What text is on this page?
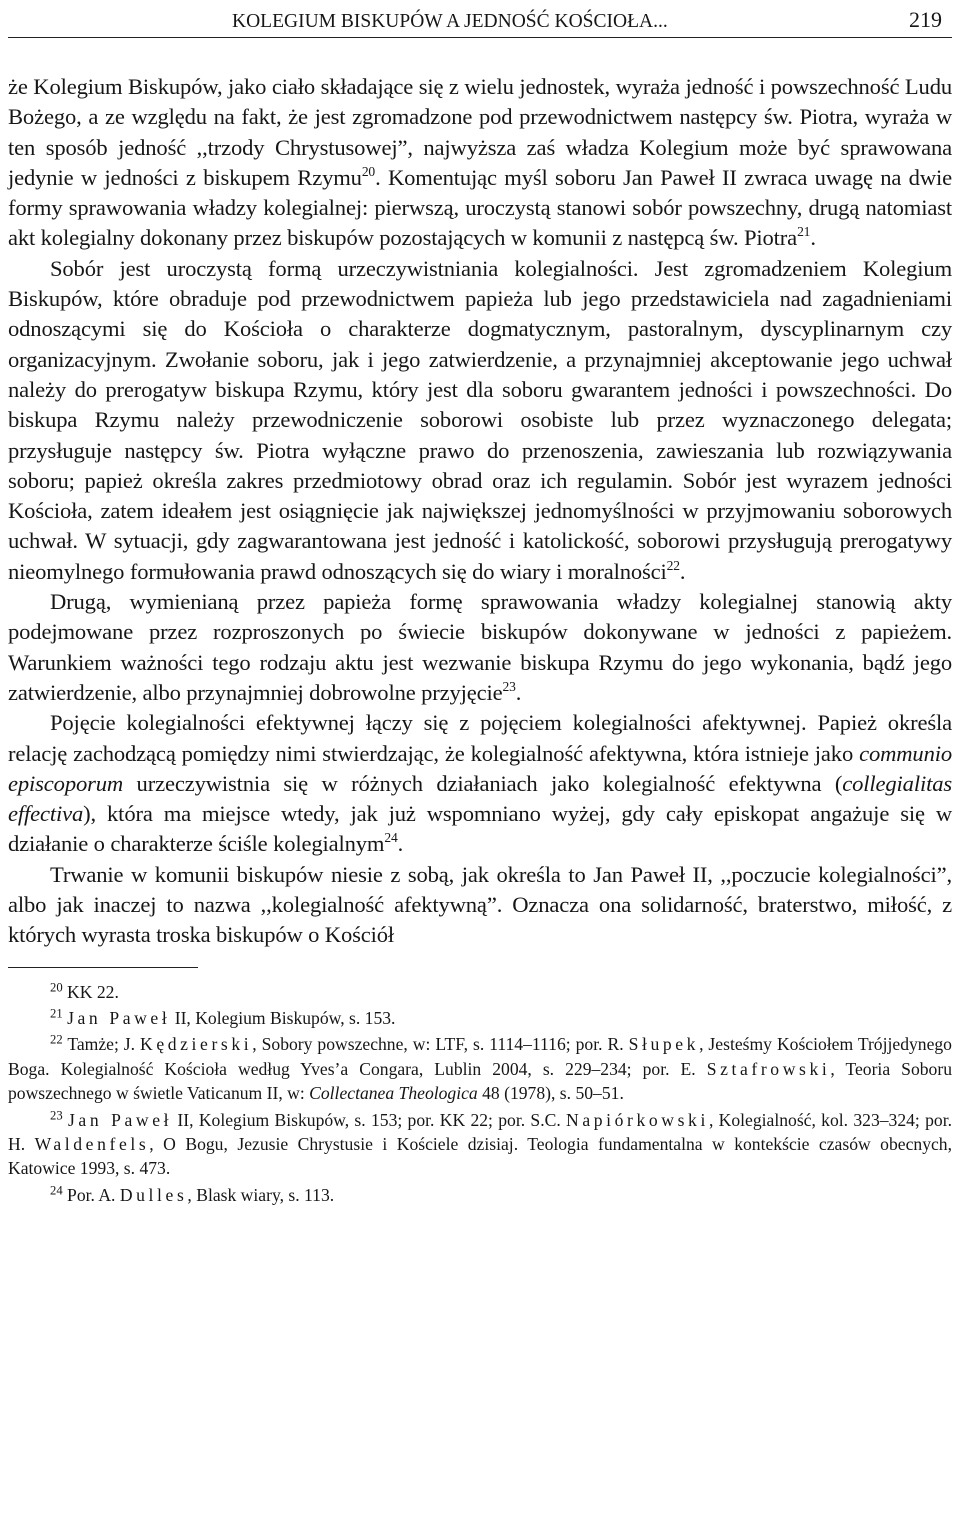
KOLEGIUM BISKUPÓW A JEDNOŚĆ KOŚCIOŁA...	219

że Kolegium Biskupów, jako ciało składające się z wielu jednostek, wyraża jedność i powszechność Ludu Bożego, a ze względu na fakt, że jest zgromadzone pod przewodnictwem następcy św. Piotra, wyraża w ten sposób jedność ,,trzody Chrystusowej”, najwyższa zaś władza Kolegium może być sprawowana jedynie w jedności z biskupem Rzymu$^{20}$. Komentując myśl soboru Jan Paweł II zwraca uwagę na dwie formy sprawowania władzy kolegialnej: pierwszą, uroczystą stanowi sobór powszechny, drugą natomiast akt kolegialny dokonany przez biskupów pozostających w komunii z następcą św. Piotra$^{21}$.

Sobór jest uroczystą formą urzeczywistniania kolegialności. Jest zgromadzeniem Kolegium Biskupów, które obraduje pod przewodnictwem papieża lub jego przedstawiciela nad zagadnieniami odnoszącymi się do Kościoła o charakterze dogmatycznym, pastoralnym, dyscyplinarnym czy organizacyjnym. Zwołanie soboru, jak i jego zatwierdzenie, a przynajmniej akceptowanie jego uchwał należy do prerogatyw biskupa Rzymu, który jest dla soboru gwarantem jedności i powszechności. Do biskupa Rzymu należy przewodniczenie soborowi osobiste lub przez wyznaczonego delegata; przysługuje następcy św. Piotra wyłączne prawo do przenoszenia, zawieszania lub rozwiązywania soboru; papież określa zakres przedmiotowy obrad oraz ich regulamin. Sobór jest wyrazem jedności Kościoła, zatem ideałem jest osiągnięcie jak największej jednomyślności w przyjmowaniu soborowych uchwał. W sytuacji, gdy zagwarantowana jest jedność i katolickość, soborowi przysługują prerogatywy nieomylnego formułowania prawd odnoszących się do wiary i moralności$^{22}$.

Drugą, wymienianą przez papieża formę sprawowania władzy kolegialnej stanowią akty podejmowane przez rozproszonych po świecie biskupów dokonywane w jedności z papieżem. Warunkiem ważności tego rodzaju aktu jest wezwanie biskupa Rzymu do jego wykonania, bądź jego zatwierdzenie, albo przynajmniej dobrowolne przyjęcie$^{23}$.

Pojęcie kolegialności efektywnej łączy się z pojęciem kolegialności afektywnej. Papież określa relację zachodzącą pomiędzy nimi stwierdzając, że kolegialność afektywna, która istnieje jako communio episcoporum urzeczywistnia się w różnych działaniach jako kolegialność efektywna (collegialitas effectiva), która ma miejsce wtedy, jak już wspomniano wyżej, gdy cały episkopat angażuje się w działanie o charakterze ściśle kolegialnym$^{24}$.

Trwanie w komunii biskupów niesie z sobą, jak określa to Jan Paweł II, ,,poczucie kolegialności”, albo jak inaczej to nazwa ,,kolegialność afektywną”. Oznacza ona solidarność, braterstwo, miłość, z których wyrasta troska biskupów o Kościół

$^{20}$ KK 22.

$^{21}$ Jan Paweł II, Kolegium Biskupów, s. 153.

$^{22}$ Tamże; J. Kędzierski, Sobory powszechne, w: LTF, s. 1114–1116; por. R. Słupek, Jesteśmy Kościołem Trójjedynego Boga. Kolegialność Kościoła według Yves’a Congara, Lublin 2004, s. 229–234; por. E. Sztafrowski, Teoria Soboru powszechnego w świetle Vaticanum II, w: Collectanea Theologica 48 (1978), s. 50–51.

$^{23}$ Jan Paweł II, Kolegium Biskupów, s. 153; por. KK 22; por. S.C. Napiórkowski, Kolegialność, kol. 323–324; por. H. Waldenfels, O Bogu, Jezusie Chrystusie i Kościele dzisiaj. Teologia fundamentalna w kontekście czasów obecnych, Katowice 1993, s. 473.

$^{24}$ Por. A. Dulles, Blask wiary, s. 113.
